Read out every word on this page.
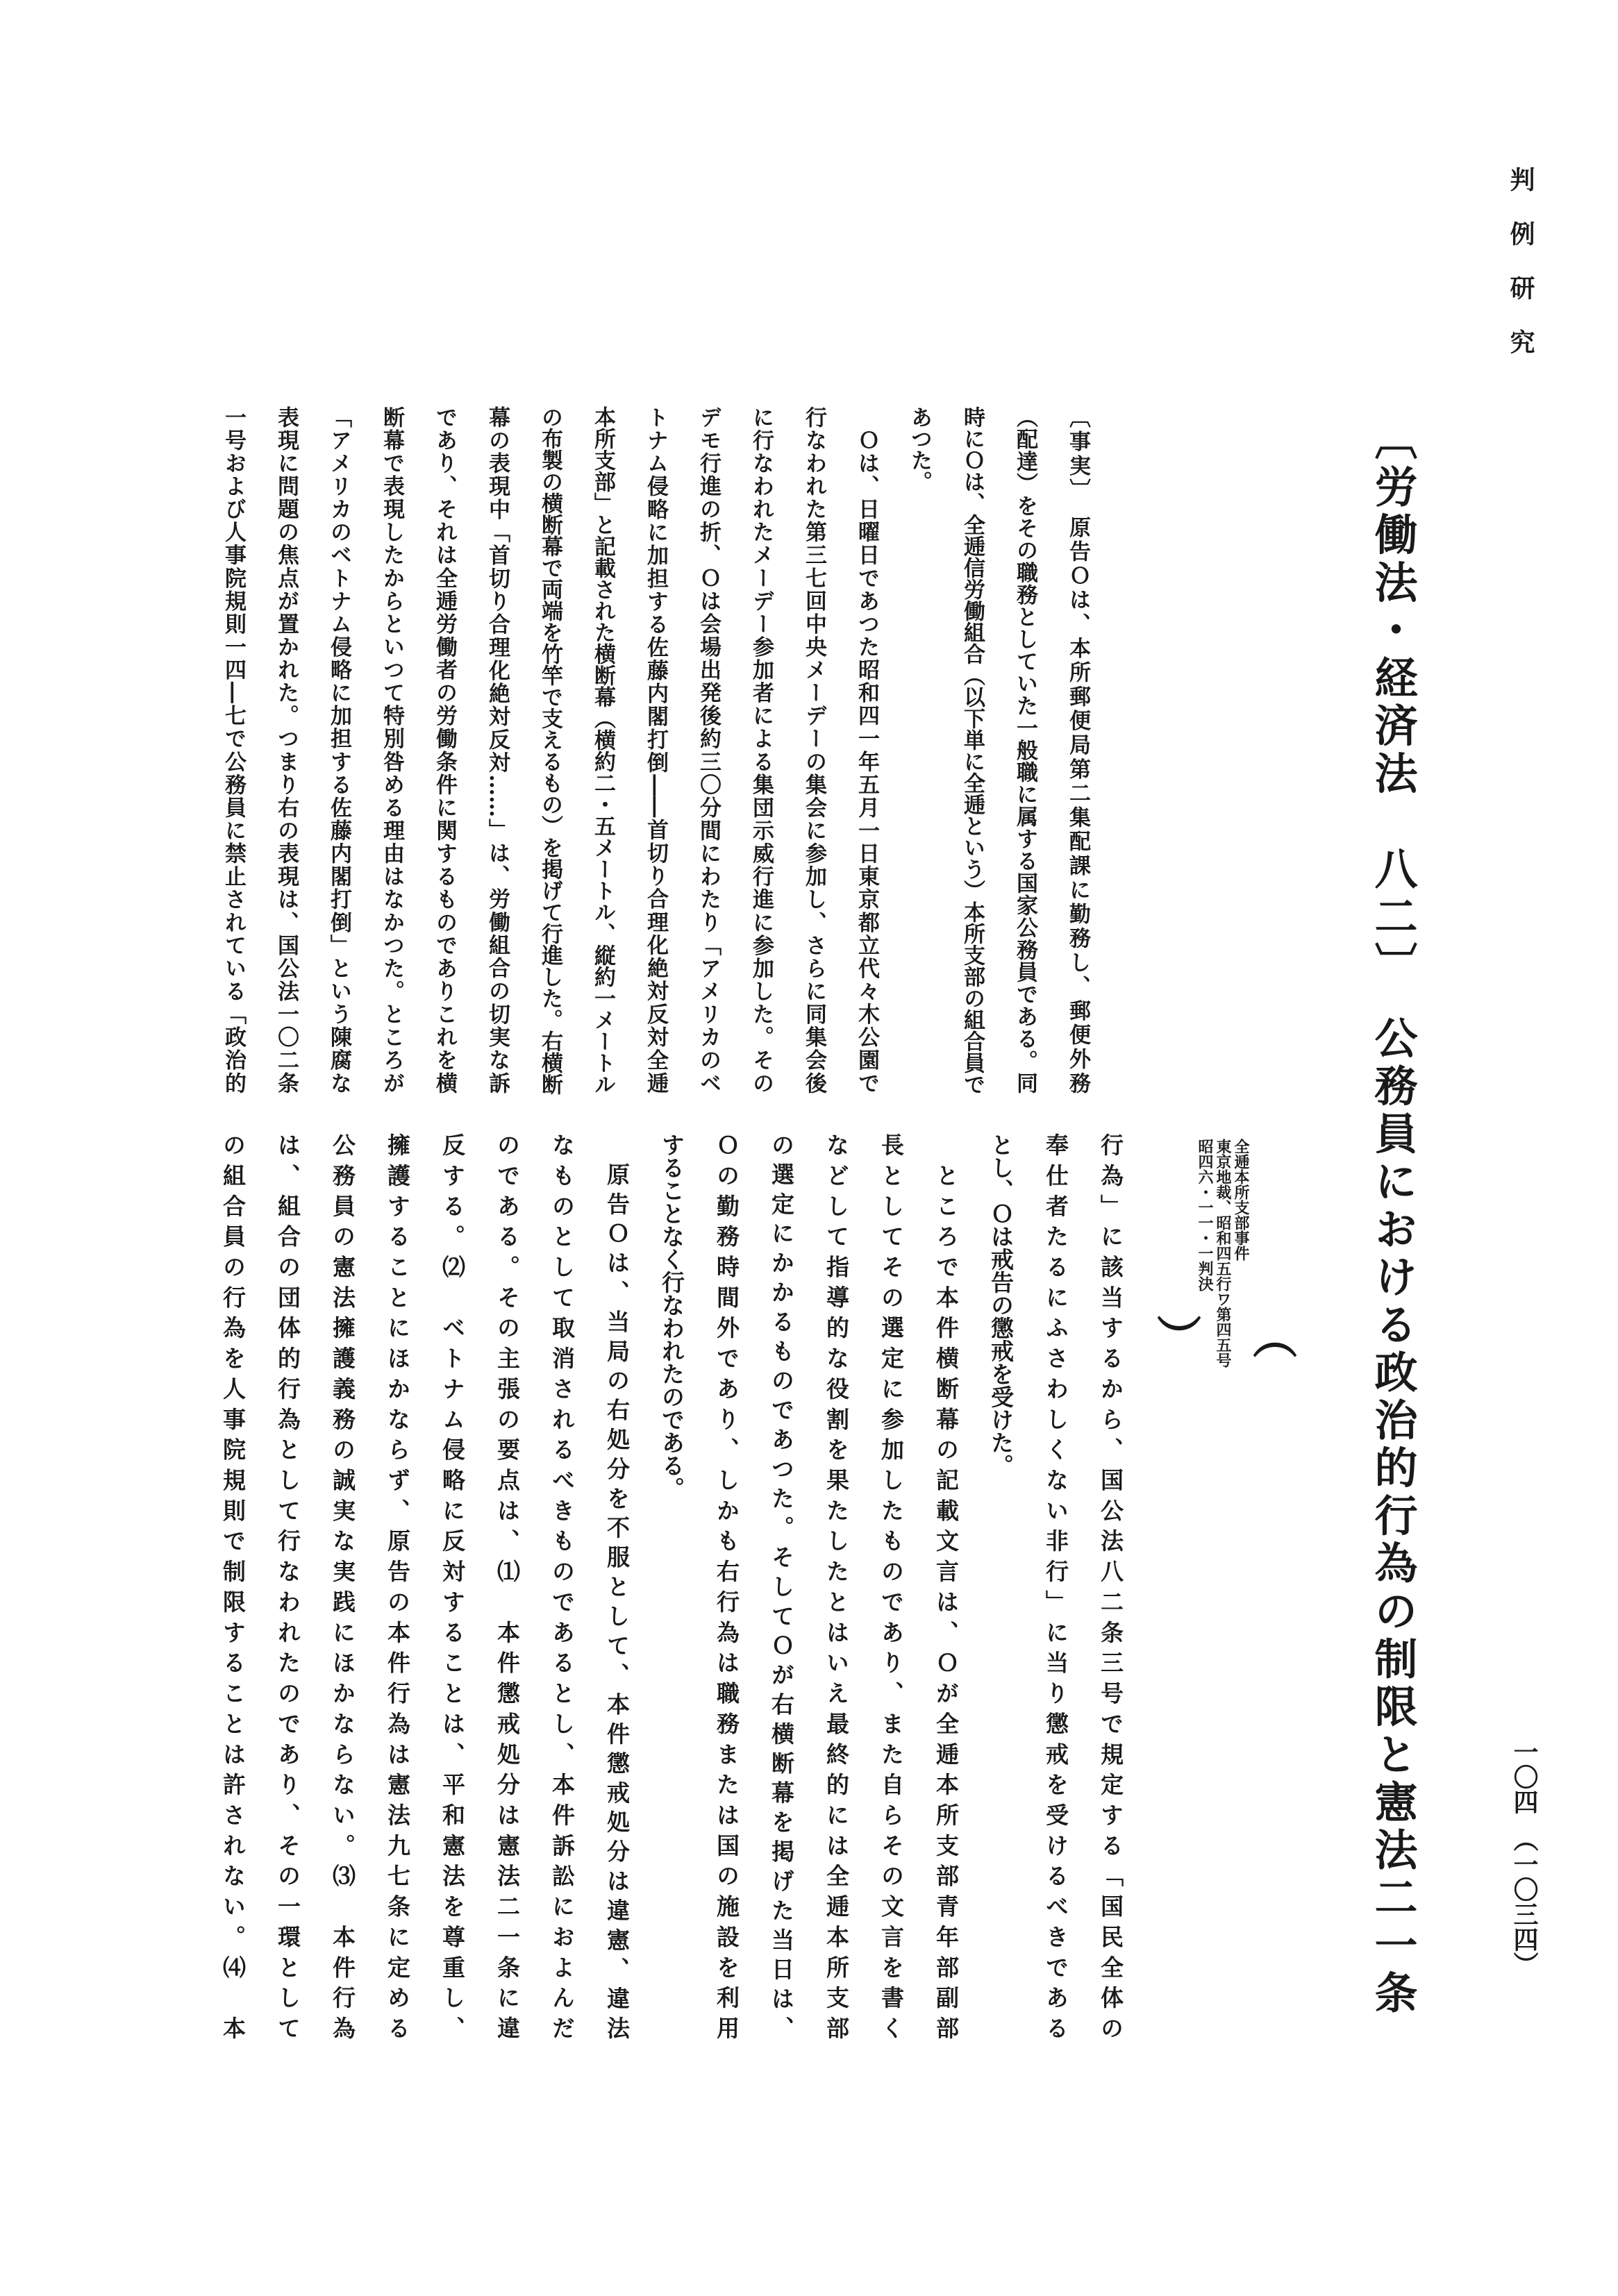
判例研究
〔労働法・経済法　八二〕　公務員における政治的行為の制限と憲法二一条
（
全逓本所支部事件
東京地裁、昭和四五行ワ第四五号
昭四六・一一・一判決
）
〔事実〕　原告Ｏは、本所郵便局第二集配課に勤務し、郵便外務
（配達）をその職務としていた一般職に属する国家公務員である。同
時にＯは、全逓信労働組合（以下単に全逓という）本所支部の組合員で
あつた。
　Ｏは、日曜日であつた昭和四一年五月一日東京都立代々木公園で
行なわれた第三七回中央メーデーの集会に参加し、さらに同集会後
に行なわれたメーデー参加者による集団示威行進に参加した。その
デモ行進の折、Ｏは会場出発後約三〇分間にわたり「アメリカのベ
トナム侵略に加担する佐藤内閣打倒――首切り合理化絶対反対全逓
本所支部」と記載された横断幕（横約二・五メートル、縦約一メートル
の布製の横断幕で両端を竹竿で支えるもの）を掲げて行進した。右横断
幕の表現中「首切り合理化絶対反対……」は、労働組合の切実な訴
であり、それは全逓労働者の労働条件に関するものでありこれを横
断幕で表現したからといつて特別咎める理由はなかつた。ところが
「アメリカのベトナム侵略に加担する佐藤内閣打倒」という陳腐な
表現に問題の焦点が置かれた。つまり右の表現は、国公法一〇二条
一号および人事院規則一四―七で公務員に禁止されている「政治的
行為」に該当するから、国公法八二条三号で規定する「国民全体の
奉仕者たるにふさわしくない非行」に当り懲戒を受けるべきである
とし、Ｏは戒告の懲戒を受けた。
　ところで本件横断幕の記載文言は、Ｏが全逓本所支部青年部副部
長としてその選定に参加したものであり、また自らその文言を書く
などして指導的な役割を果たしたとはいえ最終的には全逓本所支部
の選定にかかるものであつた。そしてＯが右横断幕を掲げた当日は、
Ｏの勤務時間外であり、しかも右行為は職務または国の施設を利用
することなく行なわれたのである。
　原告Ｏは、当局の右処分を不服として、本件懲戒処分は違憲、違法
なものとして取消されるべきものであるとし、本件訴訟におよんだ
のである。その主張の要点は、⑴　本件懲戒処分は憲法二一条に違
反する。⑵　ベトナム侵略に反対することは、平和憲法を尊重し、
擁護することにほかならず、原告の本件行為は憲法九七条に定める
公務員の憲法擁護義務の誠実な実践にほかならない。⑶　本件行為
は、組合の団体的行為として行なわれたのであり、その一環として
の組合員の行為を人事院規則で制限することは許されない。⑷　本	一〇四　（一〇三四）
